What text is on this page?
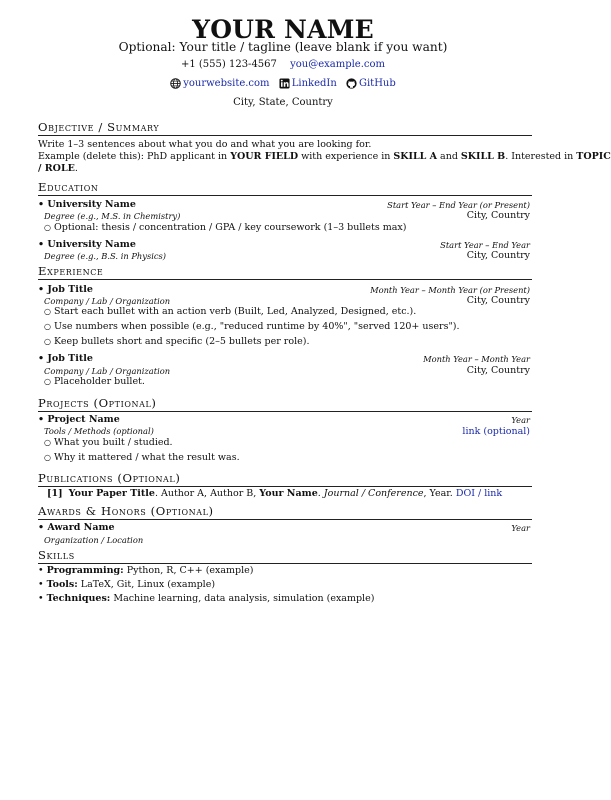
YOUR NAME
Optional: Your title / tagline (leave blank if you want)
+1 (555) 123-4567 you@example.com
yourwebsite.com
LinkedIn
GitHub
City, State, Country
Objective / Summary
Write 1–3 sentences about what you do and what you are looking for.
Example (delete this): PhD applicant in YOUR FIELD with experience in SKILL A and SKILL B. Interested in TOPIC
/ ROLE.
Education
• University Name	Start Year – End Year (or Present)
Degree (e.g., M.S. in Chemistry)	City, Country
○ Optional: thesis / concentration / GPA / key coursework (1–3 bullets max)
• University Name	Start Year – End Year
Degree (e.g., B.S. in Physics)	City, Country
Experience
• Job Title	Month Year – Month Year (or Present)
Company / Lab / Organization	City, Country
○ Start each bullet with an action verb (Built, Led, Analyzed, Designed, etc.).
○ Use numbers when possible (e.g., "reduced runtime by 40%", "served 120+ users").
○ Keep bullets short and specific (2–5 bullets per role).
• Job Title	Month Year – Month Year
Company / Lab / Organization	City, Country
○ Placeholder bullet.
Projects (Optional)
• Project Name	Year
Tools / Methods (optional)	link (optional)
○ What you built / studied.
○ Why it mattered / what the result was.
Publications (Optional)
[1] Your Paper Title. Author A, Author B, Your Name. Journal / Conference, Year. DOI / link
Awards & Honors (Optional)
• Award Name	Year
Organization / Location
Skills
• Programming: Python, R, C++ (example)
• Tools: LaTeX, Git, Linux (example)
• Techniques: Machine learning, data analysis, simulation (example)
